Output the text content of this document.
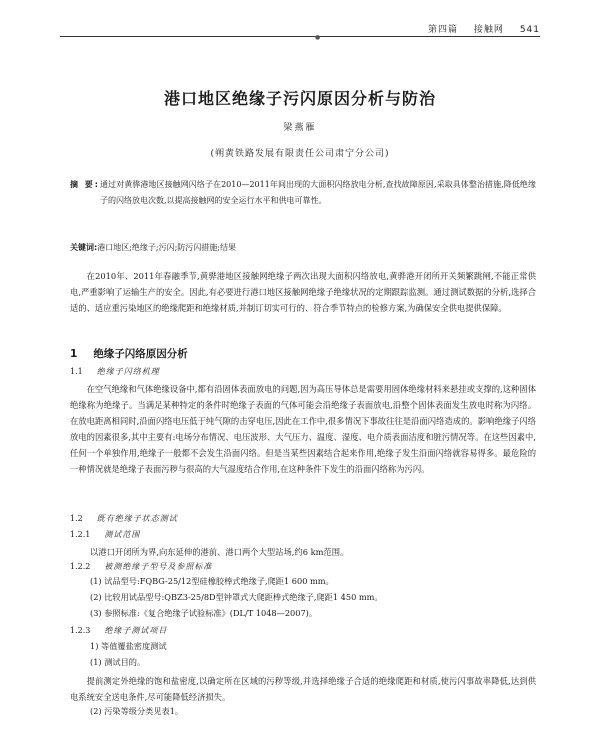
第四篇 接触网 541
●
港口地区绝缘子污闪原因分析与防治
梁燕雁
(朔黄铁路发展有限责任公司肃宁分公司)
摘 要: 通过对黄骅港地区接触网闪络子在2010—2011年间出现的大面积闪络放电分析,查找故障原因,采取具体整治措施,降低绝缘子的闪络放电次数,以提高接触网的安全运行水平和供电可靠性。
关键词:港口地区;绝缘子;污闪;防污闪措施;结果
在2010年、2011年春融季节,黄骅港地区接触网绝缘子两次出现大面积闪络放电,黄骅港开闭所开关频繁跳闸,不能正常供电,严重影响了运输生产的安全。因此,有必要进行港口地区接触网绝缘子绝缘状况的定期跟踪监测。通过测试数据的分析,选择合适的、适应重污染地区的绝缘爬距和绝缘材质,并制订切实可行的、符合季节特点的检修方案,为确保安全供电提供保障。
1 绝缘子闪络原因分析
1.1 绝缘子闪络机理
在空气绝缘和气体绝缘设备中,都有沿固体表面放电的问题,因为高压导体总是需要用固体绝缘材料来悬挂或支撑的,这种固体绝缘称为绝缘子。当满足某种特定的条件时绝缘子表面的气体可能会沿绝缘子表面放电,沿整个固体表面发生放电时称为闪络。在放电距离相同时,沿面闪络电压低于纯气隙的击穿电压,因此在工作中,很多情况下事故往往是沿面闪络造成的。影响绝缘子闪络放电的因素很多,其中主要有:电场分布情况、电压波形、大气压力、温度、湿度、电介质表面洁度和脏污情况等。在这些因素中,任何一个单独作用,绝缘子一般都不会发生沿面闪络。但是当某些因素结合起来作用,绝缘子发生沿面闪络就容易得多。最危险的一种情况就是绝缘子表面污秽与很高的大气湿度结合作用,在这种条件下发生的沿面闪络称为污闪。
1.2 既有绝缘子状态测试
1.2.1 测试范围
以港口开闭所为界,向东延伸的港前、港口两个大型站场,约6 km范围。
1.2.2 被测绝缘子型号及参照标准
(1) 试品型号:FQBG-25/12型硅橡胶棒式绝缘子,爬距1 600 mm。
(2) 比较用试品型号:QBZ3-25/8D型钟罩式大爬距棒式绝缘子,爬距1 450 mm。
(3) 参照标准:《复合绝缘子试验标准》(DL/T 1048—2007)。
1.2.3 绝缘子测试项目
1) 等值覆盐密度测试
(1) 测试目的。
提前测定外绝缘的饱和盐密度,以确定所在区域的污秽等级,并选择绝缘子合适的绝缘爬距和材质,使污闪事故率降低,达到供电系统安全送电条件,尽可能降低经济损失。
(2) 污染等级分类见表1。
